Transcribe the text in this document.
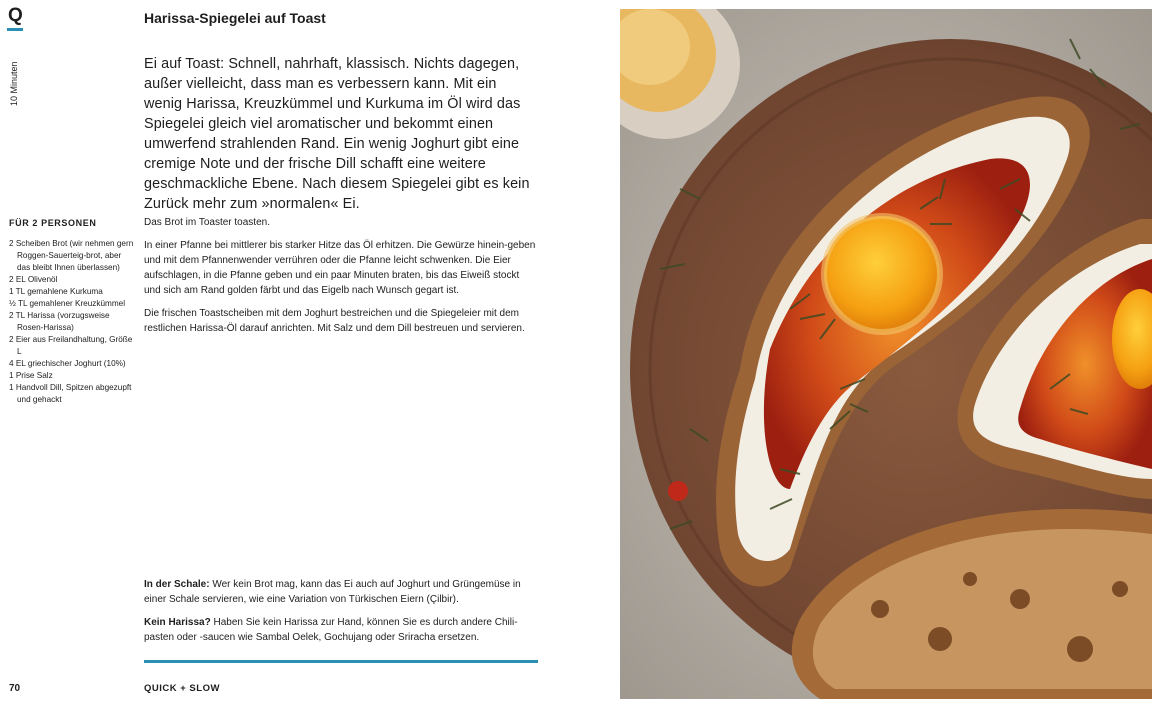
Q
10 Minuten
FÜR 2 PERSONEN
2 Scheiben Brot (wir nehmen gern Roggen-Sauerteig-brot, aber das bleibt Ihnen überlassen)
2 EL Olivenöl
1 TL gemahlene Kurkuma
½ TL gemahlener Kreuzkümmel
2 TL Harissa (vorzugsweise Rosen-Harissa)
2 Eier aus Freilandhaltung, Größe L
4 EL griechischer Joghurt (10%)
1 Prise Salz
1 Handvoll Dill, Spitzen abgezupft und gehackt
70
Harissa-Spiegelei auf Toast

Ei auf Toast: Schnell, nahrhaft, klassisch. Nichts dagegen, außer vielleicht, dass man es verbessern kann. Mit ein wenig Harissa, Kreuzkümmel und Kurkuma im Öl wird das Spiegelei gleich viel aromatischer und bekommt einen umwerfend strahlenden Rand. Ein wenig Joghurt gibt eine cremige Note und der frische Dill schafft eine weitere geschmackliche Ebene. Nach diesem Spiegelei gibt es kein Zurück mehr zum »normalen« Ei.

Das Brot im Toaster toasten.

In einer Pfanne bei mittlerer bis starker Hitze das Öl erhitzen. Die Gewürze hinein-geben und mit dem Pfannenwender verrühren oder die Pfanne leicht schwenken. Die Eier aufschlagen, in die Pfanne geben und ein paar Minuten braten, bis das Eiweiß stockt und sich am Rand golden färbt und das Eigelb nach Wunsch gegart ist.

Die frischen Toastscheiben mit dem Joghurt bestreichen und die Spiegeleier mit dem restlichen Harissa-Öl darauf anrichten. Mit Salz und dem Dill bestreuen und servieren.

In der Schale: Wer kein Brot mag, kann das Ei auch auf Joghurt und Grüngemüse in einer Schale servieren, wie eine Variation von Türkischen Eiern (Çilbir).

Kein Harissa? Haben Sie kein Harissa zur Hand, können Sie es durch andere Chili-pasten oder -saucen wie Sambal Oelek, Gochujang oder Sriracha ersetzen.

QUICK + SLOW
